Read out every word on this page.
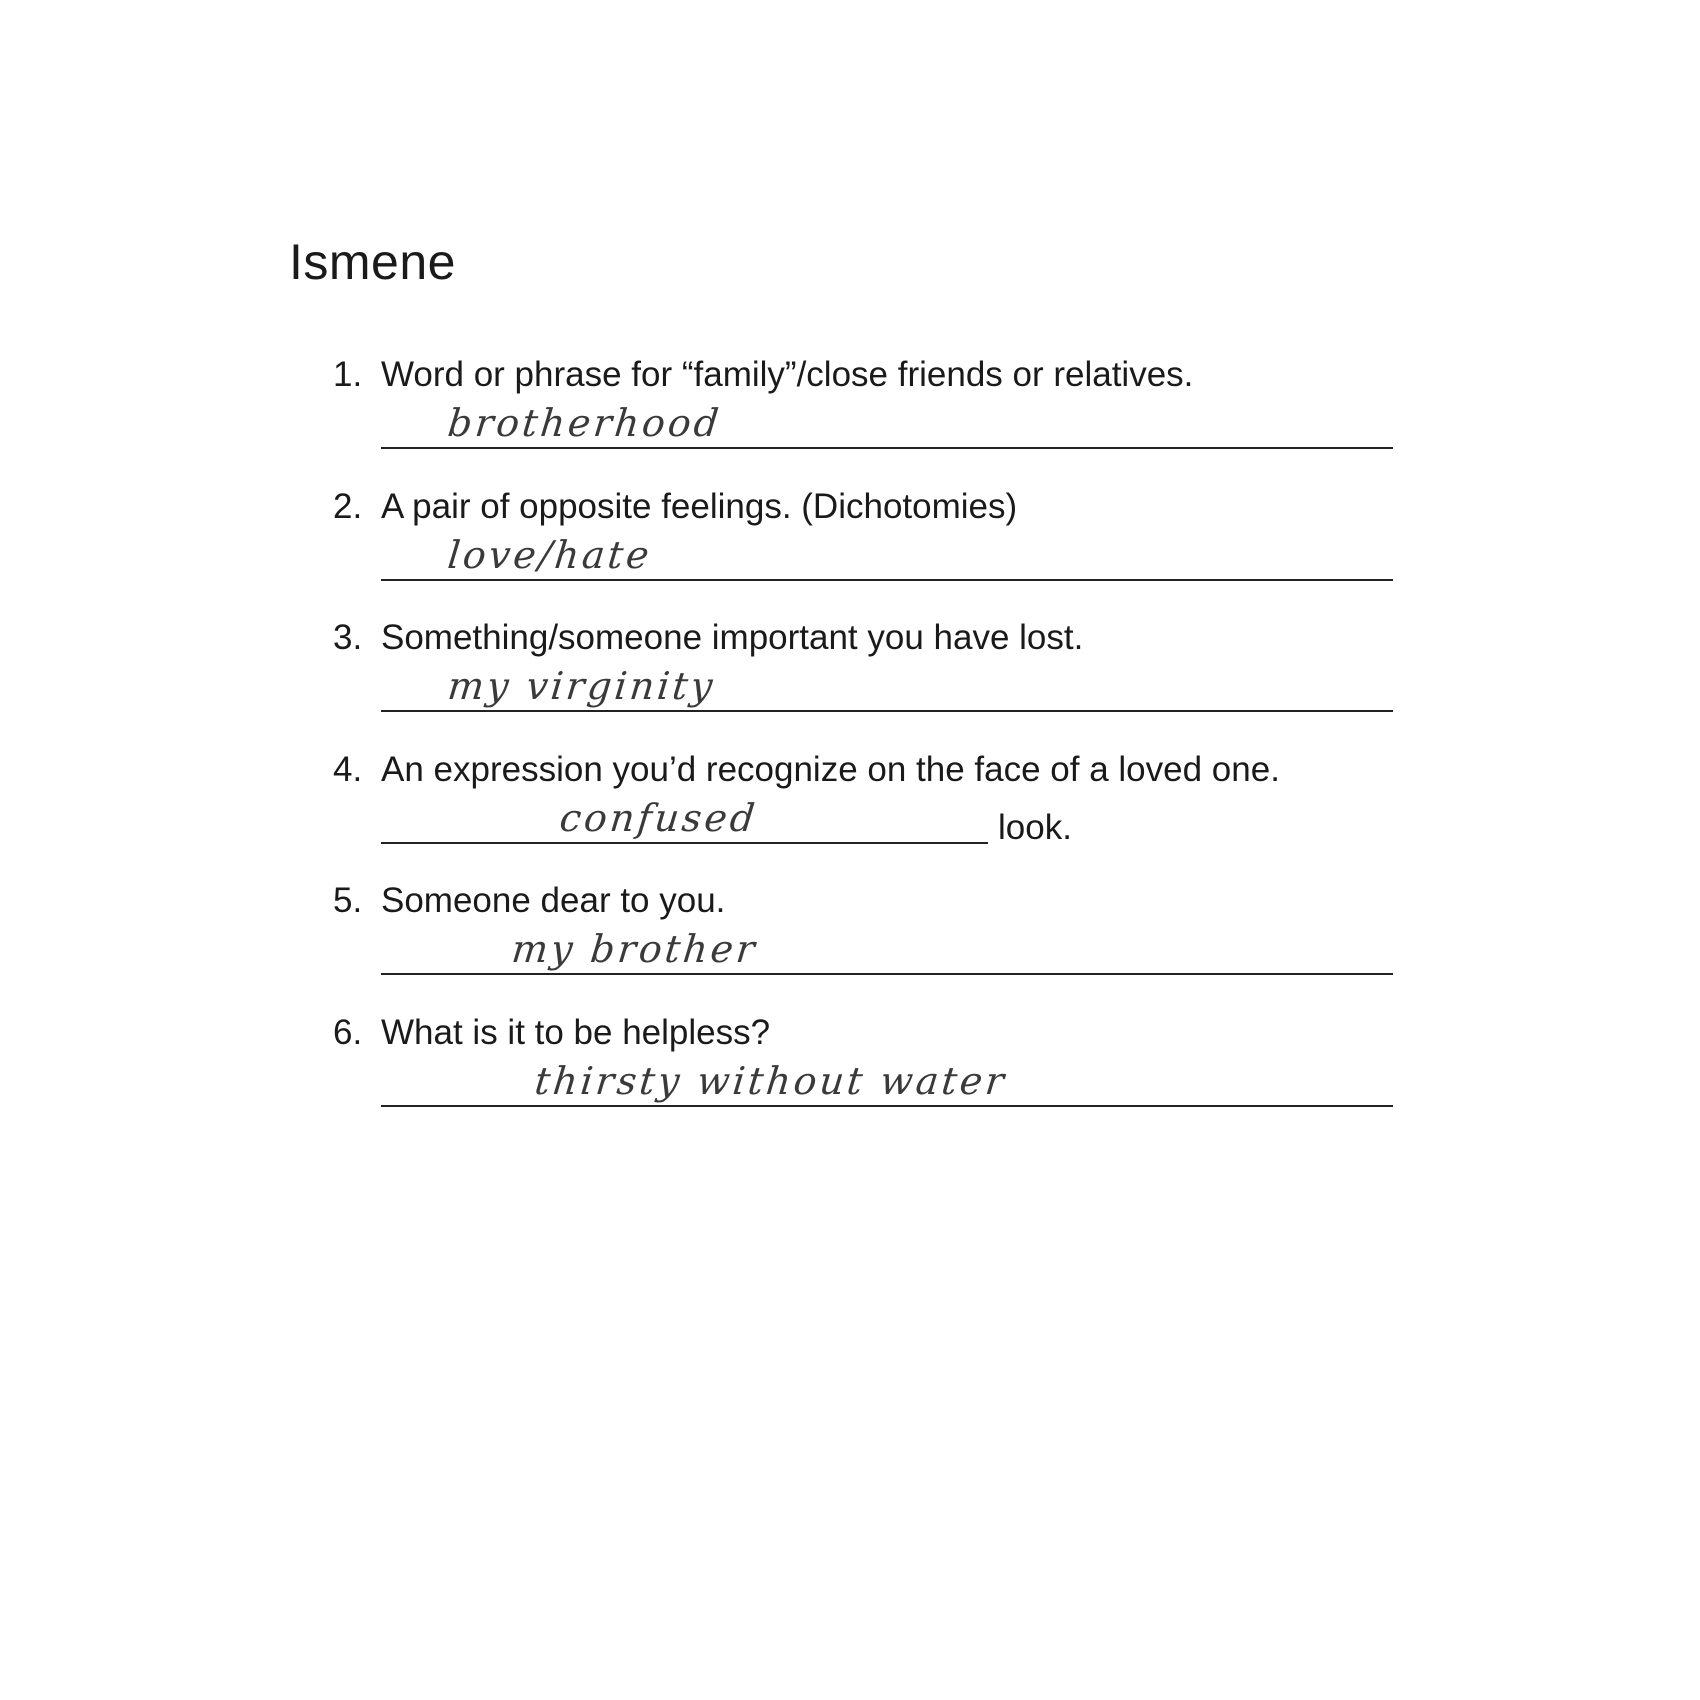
Ismene
1. Word or phrase for “family”/close friends or relatives.
brotherhood
2. A pair of opposite feelings. (Dichotomies)
love/hate
3. Something/someone important you have lost.
my virginity
4. An expression you’d recognize on the face of a loved one.
confused	look.
5. Someone dear to you.
my brother
6. What is it to be helpless?
thirsty without water
